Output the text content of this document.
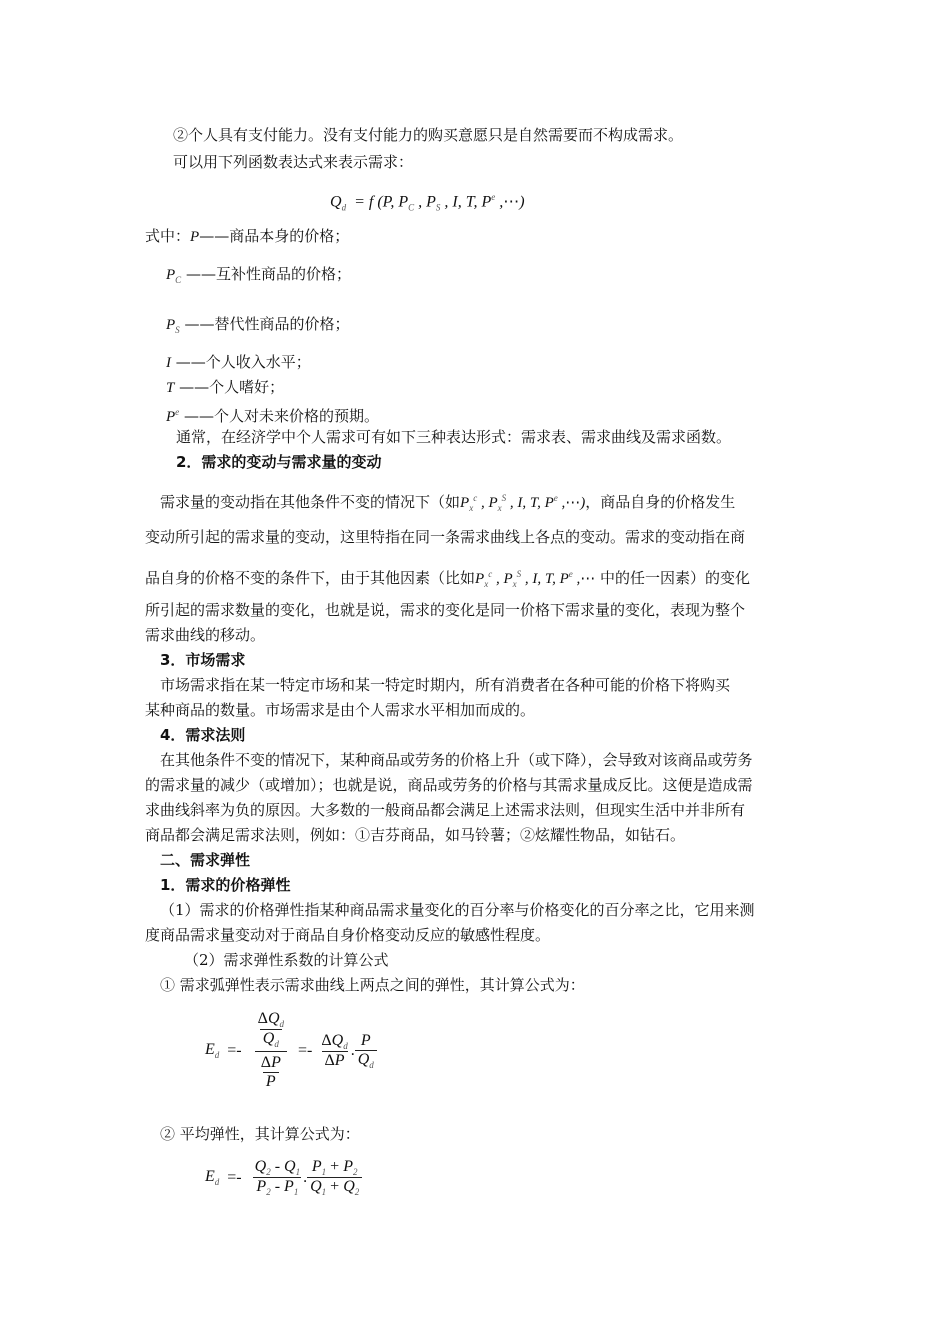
②个人具有支付能力。没有支付能力的购买意愿只是自然需要而不构成需求。
可以用下列函数表达式来表示需求：
$Q_d = f$ (P, $P_C$ , $P_S$ , I, T, $P^e$ ,⋯)
式中：P——商品本身的价格；
$P_C$ ——互补性商品的价格；
$P_S$ ——替代性商品的价格；
I ——个人收入水平；
T ——个人嗜好；
$P^e$ ——个人对未来价格的预期。
通常，在经济学中个人需求可有如下三种表达形式：需求表、需求曲线及需求函数。
2．需求的变动与需求量的变动
需求量的变动指在其他条件不变的情况下（如$P_x^c$ , $P_x^S$ , I, T, $P^e$ ,⋯)，商品自身的价格发生
变动所引起的需求量的变动，这里特指在同一条需求曲线上各点的变动。需求的变动指在商
品自身的价格不变的条件下，由于其他因素（比如$P_x^c$ , $P_x^S$ , I, T, $P^e$ ,⋯ 中的任一因素）的变化
所引起的需求数量的变化，也就是说，需求的变化是同一价格下需求量的变化，表现为整个
需求曲线的移动。
3．市场需求
市场需求指在某一特定市场和某一特定时期内，所有消费者在各种可能的价格下将购买
某种商品的数量。市场需求是由个人需求水平相加而成的。
4．需求法则
在其他条件不变的情况下，某种商品或劳务的价格上升（或下降），会导致对该商品或劳务
的需求量的减少（或增加）；也就是说，商品或劳务的价格与其需求量成反比。这便是造成需
求曲线斜率为负的原因。大多数的一般商品都会满足上述需求法则，但现实生活中并非所有
商品都会满足需求法则，例如：①吉芬商品，如马铃薯；②炫耀性物品，如钻石。
二、需求弹性
1．需求的价格弹性
（1）需求的价格弹性指某种商品需求量变化的百分率与价格变化的百分率之比，它用来测
度商品需求量变动对于商品自身价格变动反应的敏感性程度。
（2）需求弹性系数的计算公式
① 需求弧弹性表示需求曲线上两点之间的弹性，其计算公式为：
$E_d =- \frac{\frac{\Delta Q_d}{Q_d}}{\frac{\Delta P}{P}} =- \frac{\Delta Q_d}{\Delta P}$ . $\frac{P}{Q_d}$
② 平均弹性，其计算公式为：
$E_d =- \frac{Q_2 - Q_1}{P_2 - P_1}$ . $\frac{P_1 + P_2}{Q_1 + Q_2}$
